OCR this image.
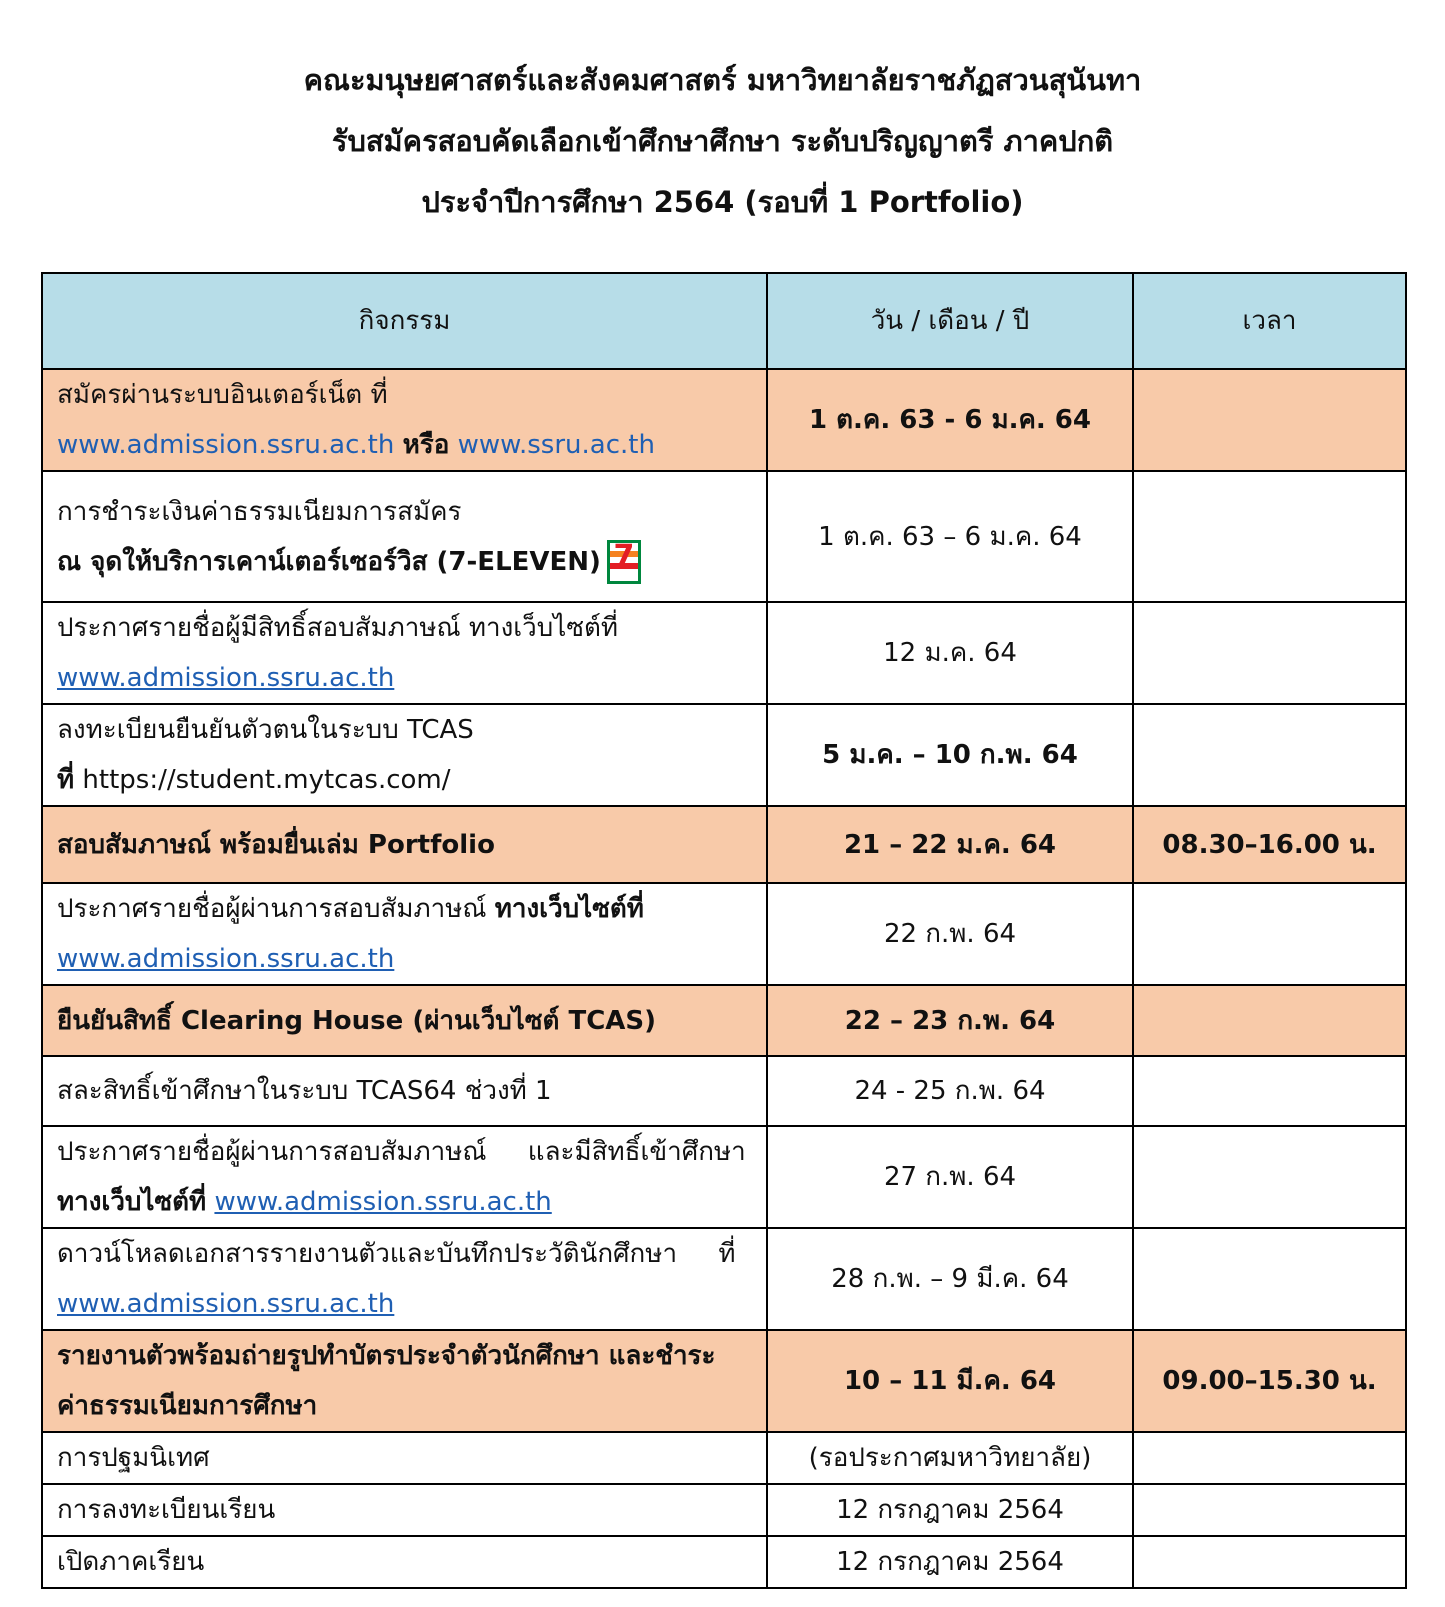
คณะมนุษยศาสตร์และสังคมศาสตร์ มหาวิทยาลัยราชภัฏสวนสุนันทา
รับสมัครสอบคัดเลือกเข้าศึกษาศึกษา ระดับปริญญาตรี ภาคปกติ
ประจำปีการศึกษา 2564 (รอบที่ 1 Portfolio)
กิจกรรม	วัน / เดือน / ปี	เวลา

สมัครผ่านระบบอินเตอร์เน็ต ที่
www.admission.ssru.ac.th หรือ www.ssru.ac.th	1 ต.ค. 63 - 6 ม.ค. 64	

การชำระเงินค่าธรรมเนียมการสมัคร
ณ จุดให้บริการเคาน์เตอร์เซอร์วิส (7-ELEVEN) 7	1 ต.ค. 63 – 6 ม.ค. 64	

ประกาศรายชื่อผู้มีสิทธิ์สอบสัมภาษณ์ ทางเว็บไซต์ที่
www.admission.ssru.ac.th	12 ม.ค. 64	

ลงทะเบียนยืนยันตัวตนในระบบ TCAS
ที่ https://student.mytcas.com/	5 ม.ค. – 10 ก.พ. 64	
สอบสัมภาษณ์ พร้อมยื่นเล่ม Portfolio	21 – 22 ม.ค. 64	08.30–16.00 น.

ประกาศรายชื่อผู้ผ่านการสอบสัมภาษณ์ ทางเว็บไซต์ที่
www.admission.ssru.ac.th	22 ก.พ. 64	
ยืนยันสิทธิ์ Clearing House (ผ่านเว็บไซต์ TCAS)	22 – 23 ก.พ. 64	
สละสิทธิ์เข้าศึกษาในระบบ TCAS64 ช่วงที่ 1	24 - 25 ก.พ. 64	

ประกาศรายชื่อผู้ผ่านการสอบสัมภาษณ์     และมีสิทธิ์เข้าศึกษา
ทางเว็บไซต์ที่ www.admission.ssru.ac.th	27 ก.พ. 64	

ดาวน์โหลดเอกสารรายงานตัวและบันทึกประวัตินักศึกษา     ที่
www.admission.ssru.ac.th	28 ก.พ. – 9 มี.ค. 64	

รายงานตัวพร้อมถ่ายรูปทำบัตรประจำตัวนักศึกษา และชำระ
ค่าธรรมเนียมการศึกษา	10 – 11 มี.ค. 64	09.00–15.30 น.
การปฐมนิเทศ	(รอประกาศมหาวิทยาลัย)	
การลงทะเบียนเรียน	12 กรกฎาคม 2564	
เปิดภาคเรียน	12 กรกฎาคม 2564	
